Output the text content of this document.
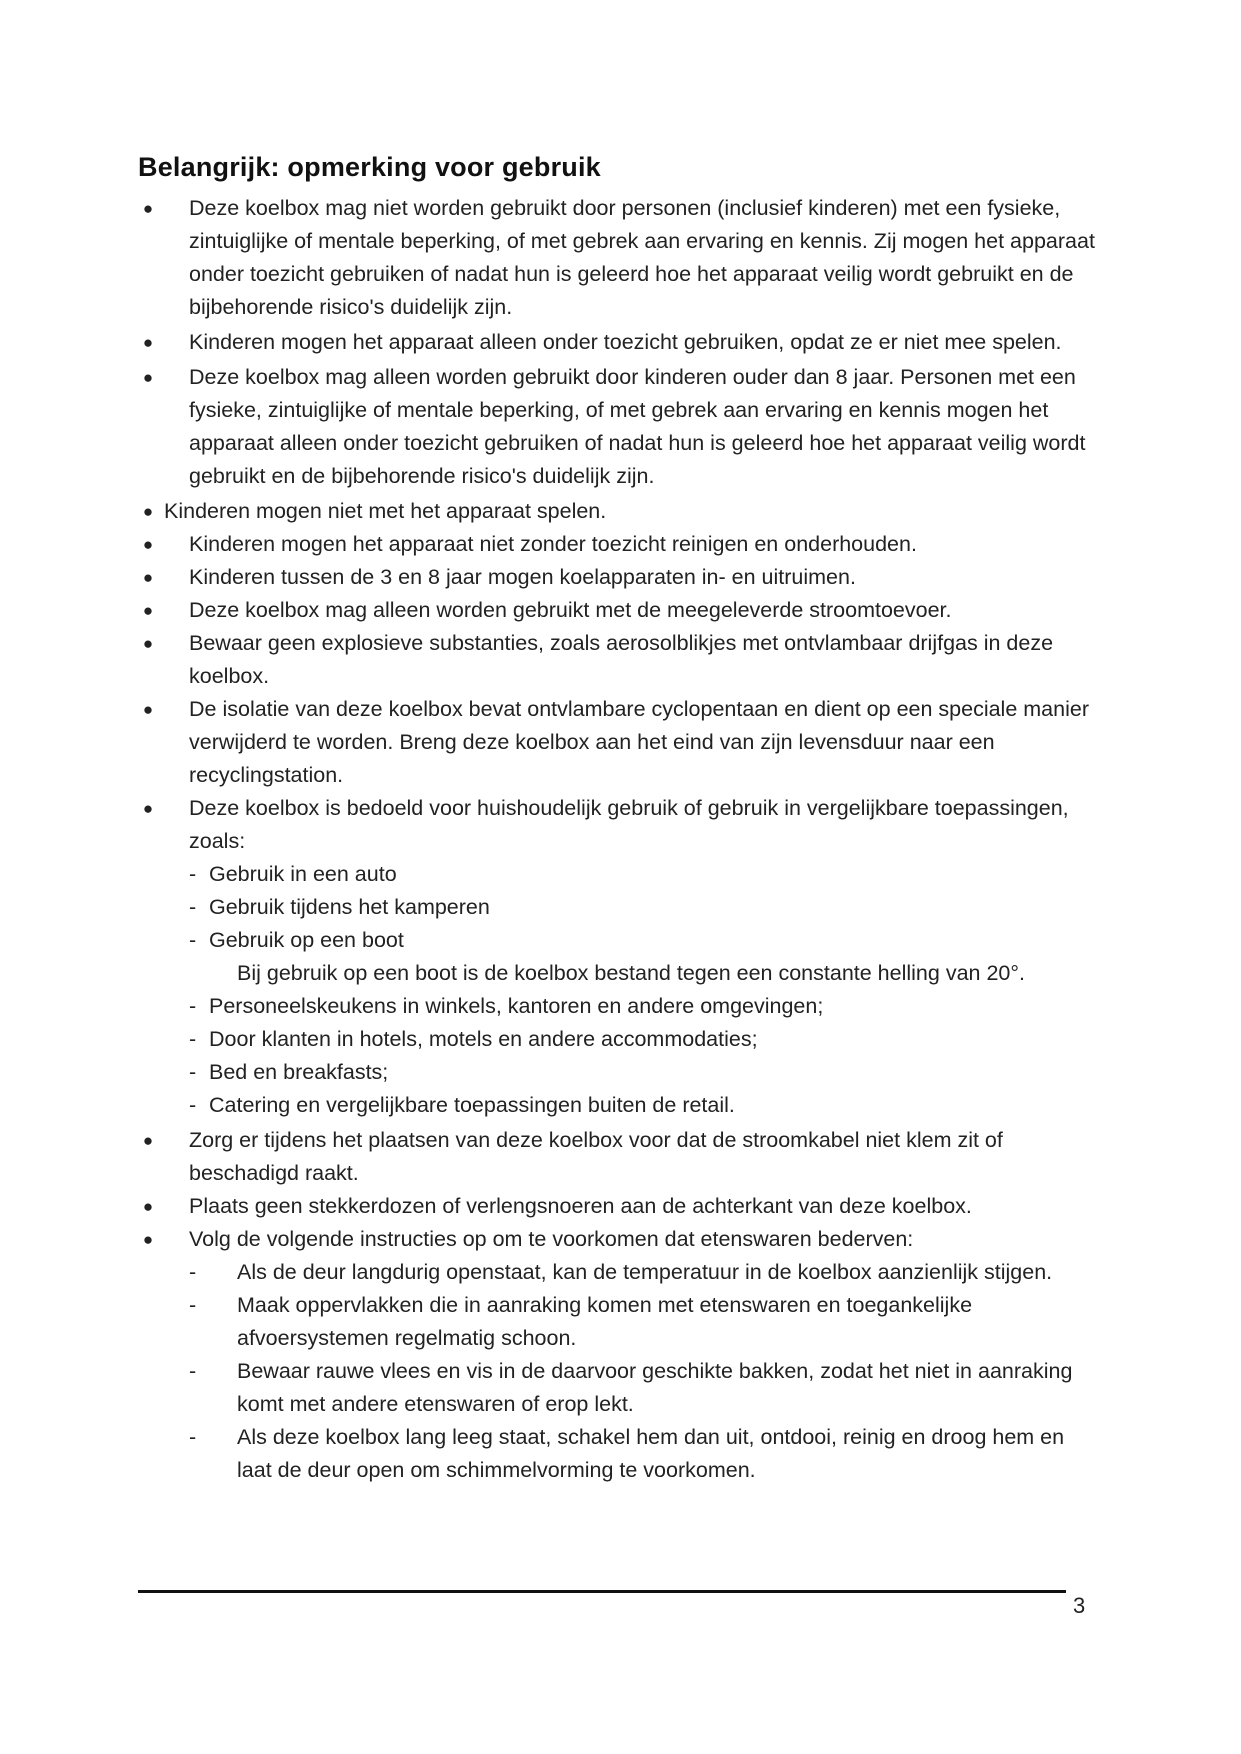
Belangrijk: opmerking voor gebruik
● Deze koelbox mag niet worden gebruikt door personen (inclusief kinderen) met een fysieke, zintuiglijke of mentale beperking, of met gebrek aan ervaring en kennis. Zij mogen het apparaat onder toezicht gebruiken of nadat hun is geleerd hoe het apparaat veilig wordt gebruikt en de bijbehorende risico's duidelijk zijn.
● Kinderen mogen het apparaat alleen onder toezicht gebruiken, opdat ze er niet mee spelen.
● Deze koelbox mag alleen worden gebruikt door kinderen ouder dan 8 jaar. Personen met een fysieke, zintuiglijke of mentale beperking, of met gebrek aan ervaring en kennis mogen het apparaat alleen onder toezicht gebruiken of nadat hun is geleerd hoe het apparaat veilig wordt gebruikt en de bijbehorende risico's duidelijk zijn.
● Kinderen mogen niet met het apparaat spelen.
● Kinderen mogen het apparaat niet zonder toezicht reinigen en onderhouden.
● Kinderen tussen de 3 en 8 jaar mogen koelapparaten in- en uitruimen.
● Deze koelbox mag alleen worden gebruikt met de meegeleverde stroomtoevoer.
● Bewaar geen explosieve substanties, zoals aerosolblikjes met ontvlambaar drijfgas in deze koelbox.
● De isolatie van deze koelbox bevat ontvlambare cyclopentaan en dient op een speciale manier verwijderd te worden. Breng deze koelbox aan het eind van zijn levensduur naar een recyclingstation.
● Deze koelbox is bedoeld voor huishoudelijk gebruik of gebruik in vergelijkbare toepassingen, zoals:
- Gebruik in een auto
- Gebruik tijdens het kamperen
- Gebruik op een boot
Bij gebruik op een boot is de koelbox bestand tegen een constante helling van 20°.
- Personeelskeukens in winkels, kantoren en andere omgevingen;
- Door klanten in hotels, motels en andere accommodaties;
- Bed en breakfasts;
- Catering en vergelijkbare toepassingen buiten de retail.
● Zorg er tijdens het plaatsen van deze koelbox voor dat de stroomkabel niet klem zit of beschadigd raakt.
● Plaats geen stekkerdozen of verlengsnoeren aan de achterkant van deze koelbox.
● Volg de volgende instructies op om te voorkomen dat etenswaren bederven:
- Als de deur langdurig openstaat, kan de temperatuur in de koelbox aanzienlijk stijgen.
- Maak oppervlakken die in aanraking komen met etenswaren en toegankelijke afvoersystemen regelmatig schoon.
- Bewaar rauwe vlees en vis in de daarvoor geschikte bakken, zodat het niet in aanraking komt met andere etenswaren of erop lekt.
- Als deze koelbox lang leeg staat, schakel hem dan uit, ontdooi, reinig en droog hem en laat de deur open om schimmelvorming te voorkomen.
3
